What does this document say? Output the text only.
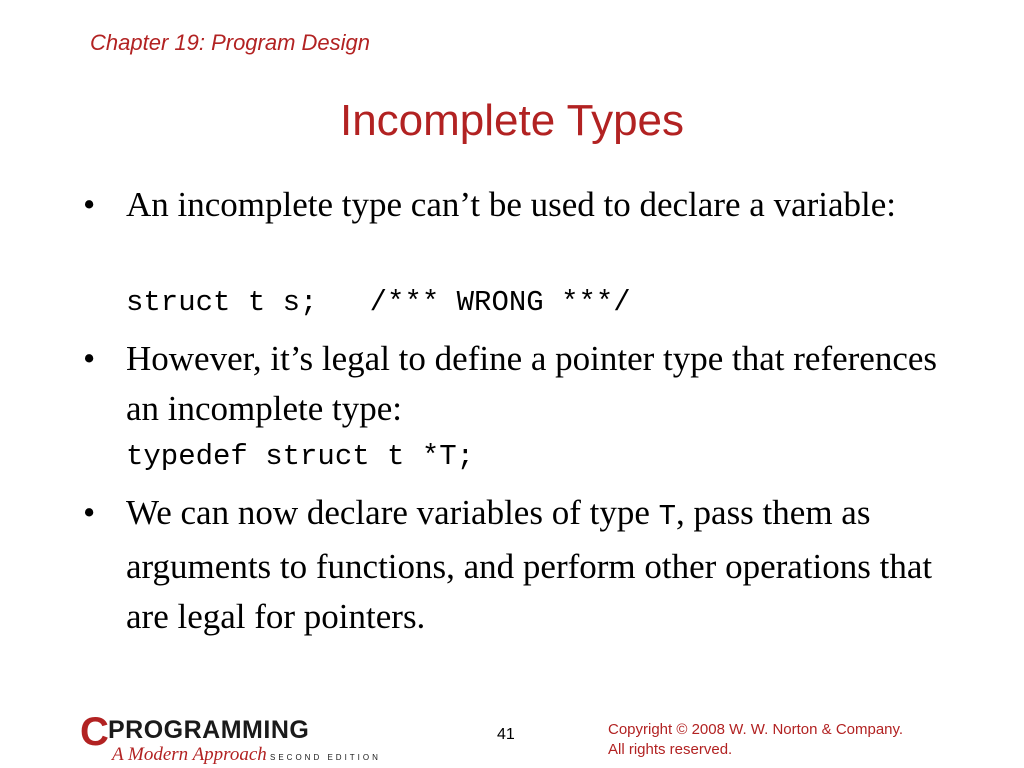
Chapter 19: Program Design
Incomplete Types
• An incomplete type can’t be used to declare a variable:
struct t s;   /*** WRONG ***/
• However, it’s legal to define a pointer type that references an incomplete type:
typedef struct t *T;
• We can now declare variables of type T, pass them as arguments to functions, and perform other operations that are legal for pointers.
C PROGRAMMING
A Modern Approach SECOND EDITION
41	Copyright © 2008 W. W. Norton & Company.
All rights reserved.
